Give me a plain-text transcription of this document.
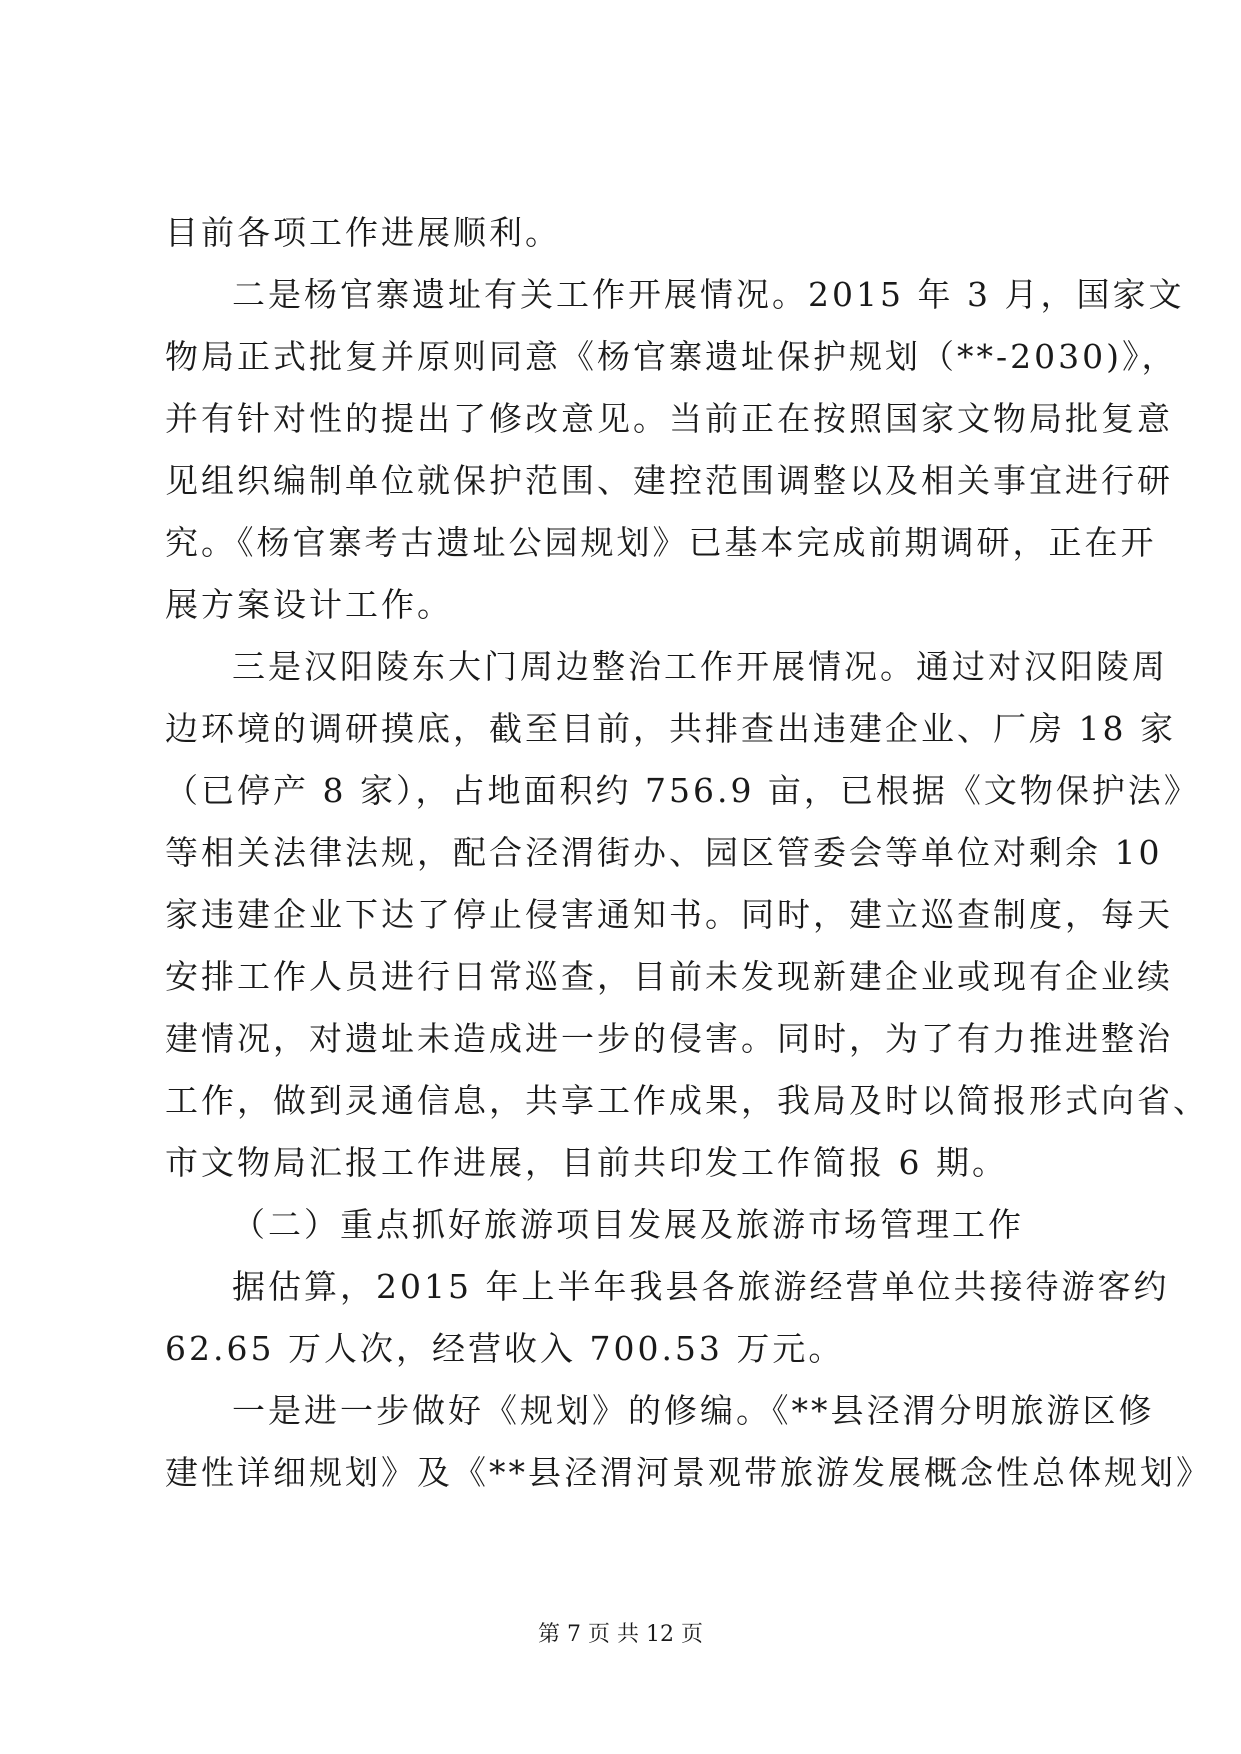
目前各项工作进展顺利。
二是杨官寨遗址有关工作开展情况。2015 年 3 月，国家文
物局正式批复并原则同意《杨官寨遗址保护规划（**-2030)》，
并有针对性的提出了修改意见。当前正在按照国家文物局批复意
见组织编制单位就保护范围、建控范围调整以及相关事宜进行研
究。《杨官寨考古遗址公园规划》已基本完成前期调研，正在开
展方案设计工作。
三是汉阳陵东大门周边整治工作开展情况。通过对汉阳陵周
边环境的调研摸底，截至目前，共排查出违建企业、厂房 18 家
（已停产 8 家），占地面积约 756.9 亩，已根据《文物保护法》
等相关法律法规，配合泾渭街办、园区管委会等单位对剩余 10
家违建企业下达了停止侵害通知书。同时，建立巡查制度，每天
安排工作人员进行日常巡查，目前未发现新建企业或现有企业续
建情况，对遗址未造成进一步的侵害。同时，为了有力推进整治
工作，做到灵通信息，共享工作成果，我局及时以简报形式向省、
市文物局汇报工作进展，目前共印发工作简报 6 期。
（二）重点抓好旅游项目发展及旅游市场管理工作
据估算，2015 年上半年我县各旅游经营单位共接待游客约
62.65 万人次，经营收入 700.53 万元。
一是进一步做好《规划》的修编。《**县泾渭分明旅游区修
建性详细规划》及《**县泾渭河景观带旅游发展概念性总体规划》
第 7 页 共 12 页
